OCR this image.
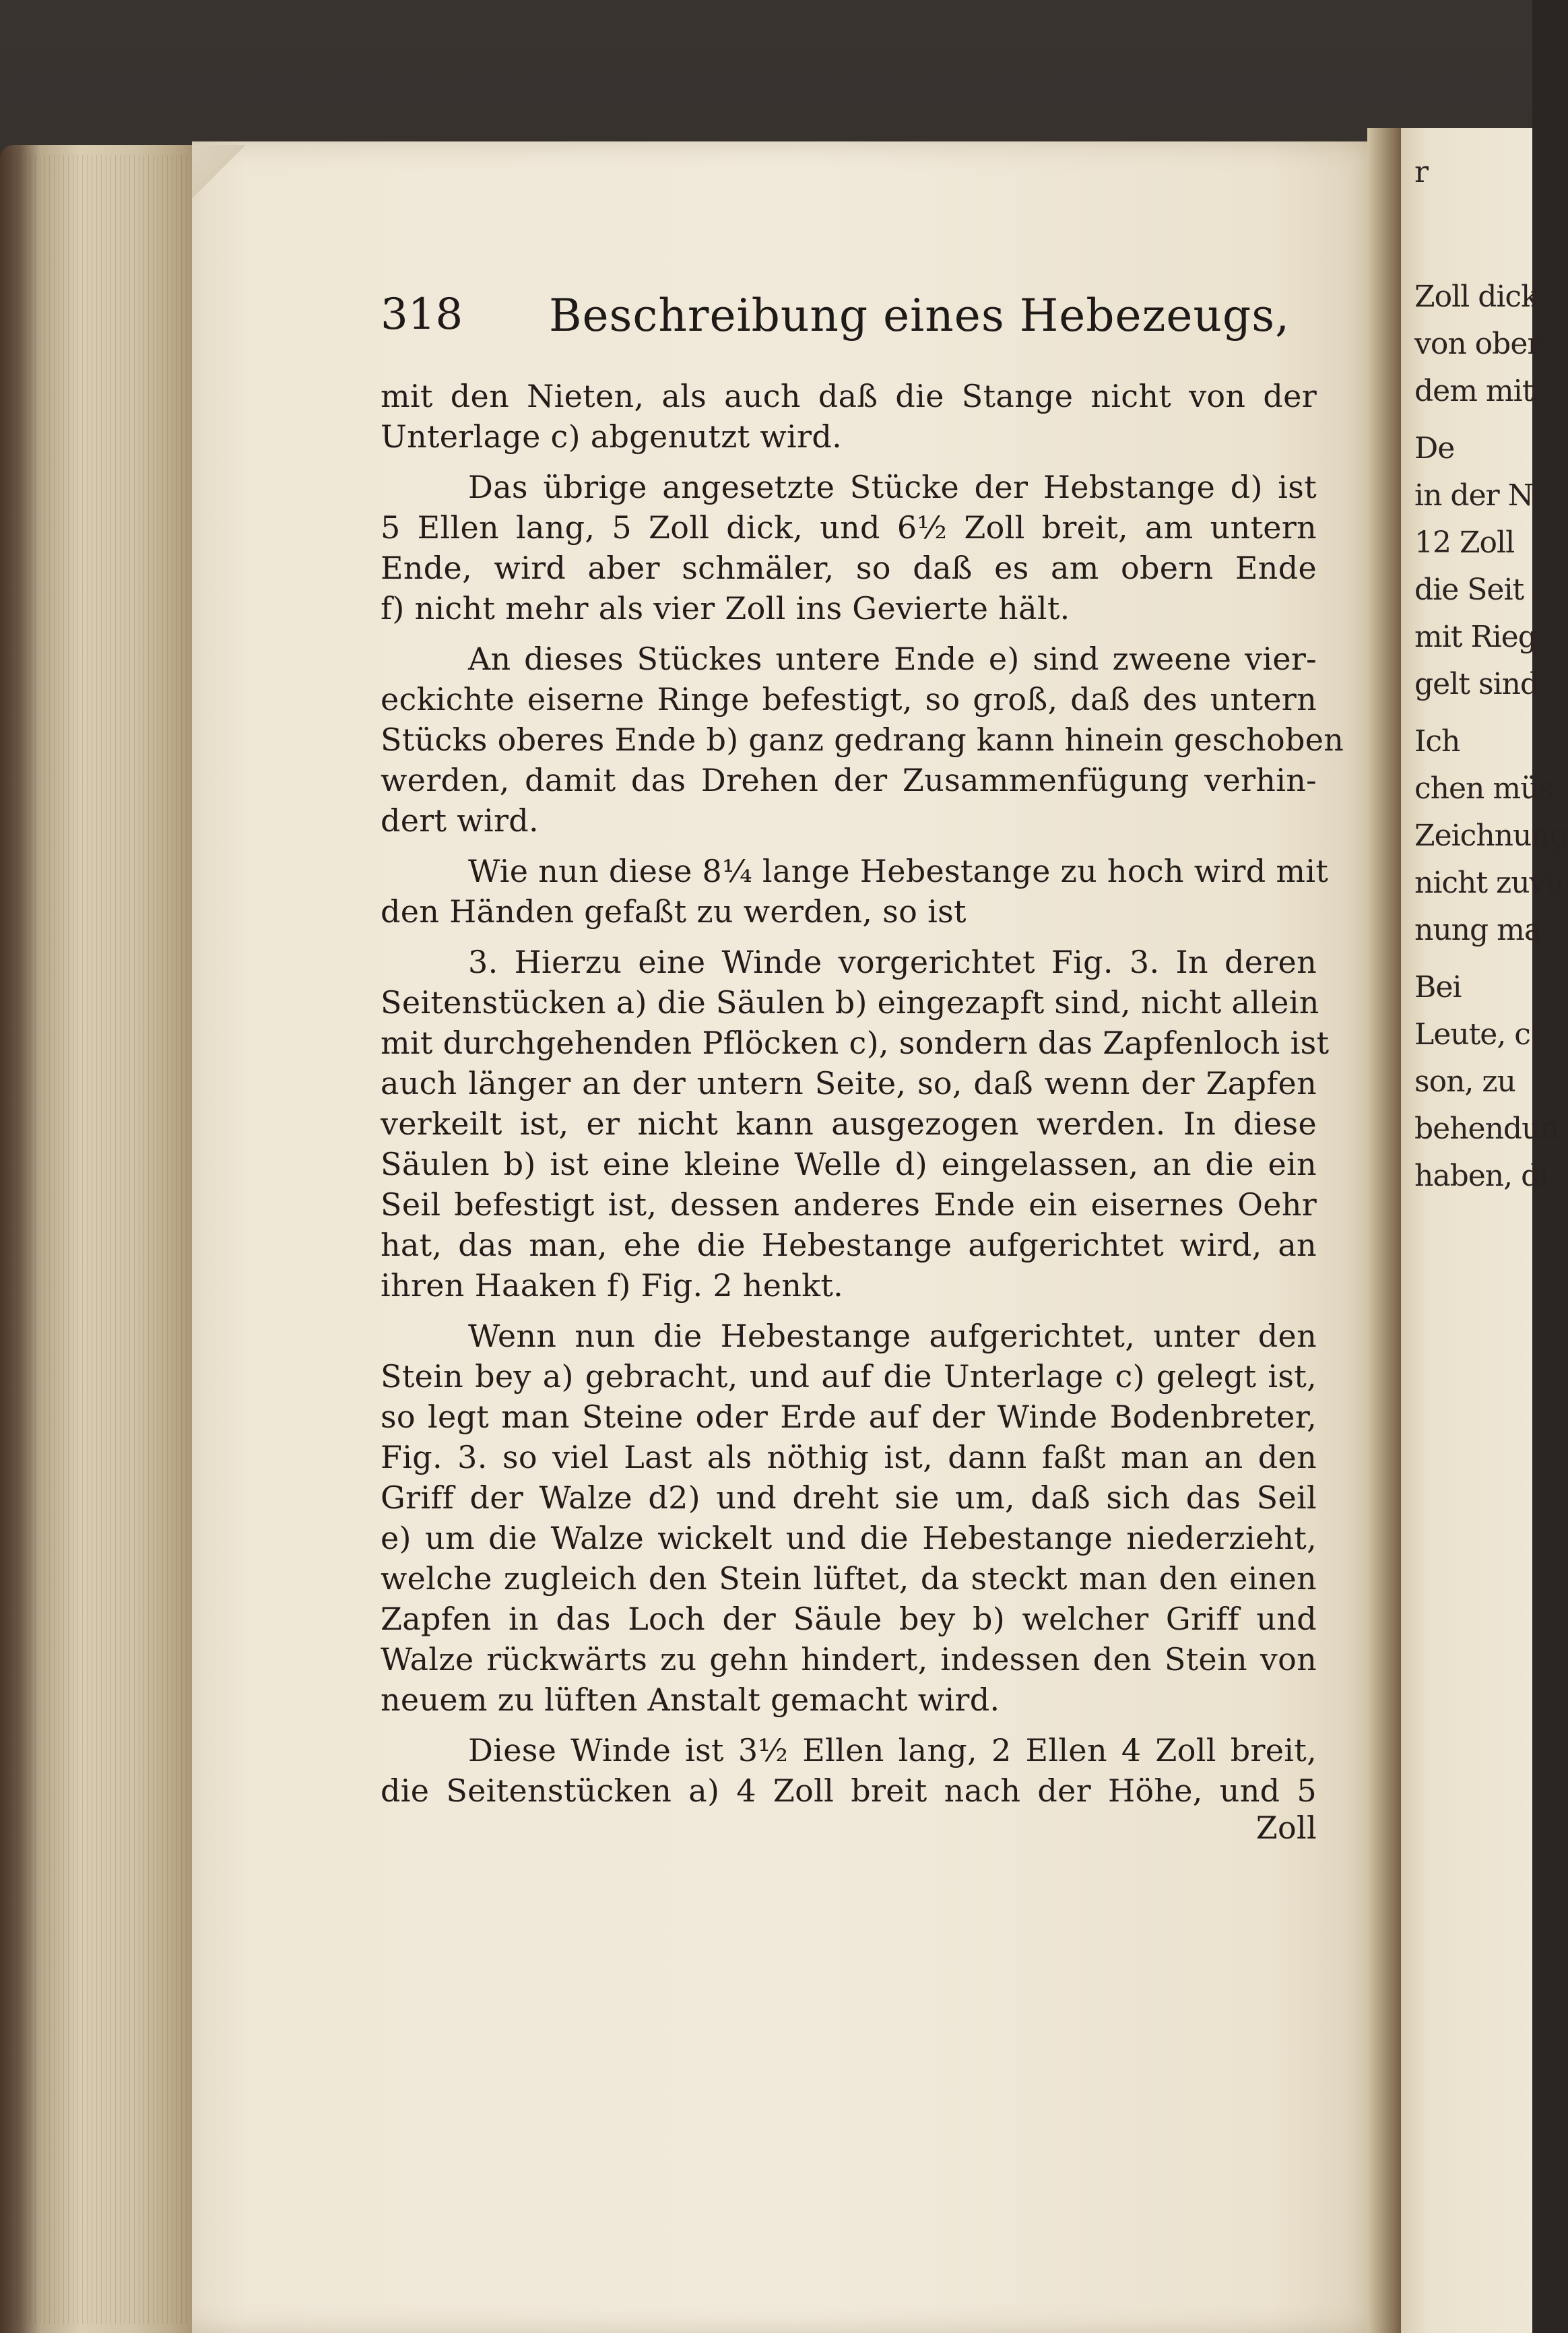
r
Zoll dick
von ober
dem mit
De
in der N
12 Zoll
die Seit
mit Rieg
gelt sind.
Ich
chen müs
Zeichnung
nicht zuvü
nung ma
Bei
Leute, c
son, zu
behendun
haben, di
318 Beschreibung eines Hebezeugs,
mit den Nieten, als auch daß die Stange nicht von der
Unterlage c) abgenutzt wird.
Das übrige angesetzte Stücke der Hebstange d) ist
5 Ellen lang, 5 Zoll dick, und 6½ Zoll breit, am untern
Ende, wird aber schmäler, so daß es am obern Ende
f) nicht mehr als vier Zoll ins Gevierte hält.
An dieses Stückes untere Ende e) sind zweene vier-
eckichte eiserne Ringe befestigt, so groß, daß des untern
Stücks oberes Ende b) ganz gedrang kann hinein geschoben
werden, damit das Drehen der Zusammenfügung verhin-
dert wird.
Wie nun diese 8¼ lange Hebestange zu hoch wird mit
den Händen gefaßt zu werden, so ist
3. Hierzu eine Winde vorgerichtet Fig. 3. In deren
Seitenstücken a) die Säulen b) eingezapft sind, nicht allein
mit durchgehenden Pflöcken c), sondern das Zapfenloch ist
auch länger an der untern Seite, so, daß wenn der Zapfen
verkeilt ist, er nicht kann ausgezogen werden. In diese
Säulen b) ist eine kleine Welle d) eingelassen, an die ein
Seil befestigt ist, dessen anderes Ende ein eisernes Oehr
hat, das man, ehe die Hebestange aufgerichtet wird, an
ihren Haaken f) Fig. 2 henkt.
Wenn nun die Hebestange aufgerichtet, unter den
Stein bey a) gebracht, und auf die Unterlage c) gelegt ist,
so legt man Steine oder Erde auf der Winde Bodenbreter,
Fig. 3. so viel Last als nöthig ist, dann faßt man an den
Griff der Walze d2) und dreht sie um, daß sich das Seil
e) um die Walze wickelt und die Hebestange niederzieht,
welche zugleich den Stein lüftet, da steckt man den einen
Zapfen in das Loch der Säule bey b) welcher Griff und
Walze rückwärts zu gehn hindert, indessen den Stein von
neuem zu lüften Anstalt gemacht wird.
Diese Winde ist 3½ Ellen lang, 2 Ellen 4 Zoll breit,
die Seitenstücken a) 4 Zoll breit nach der Höhe, und 5
Zoll
